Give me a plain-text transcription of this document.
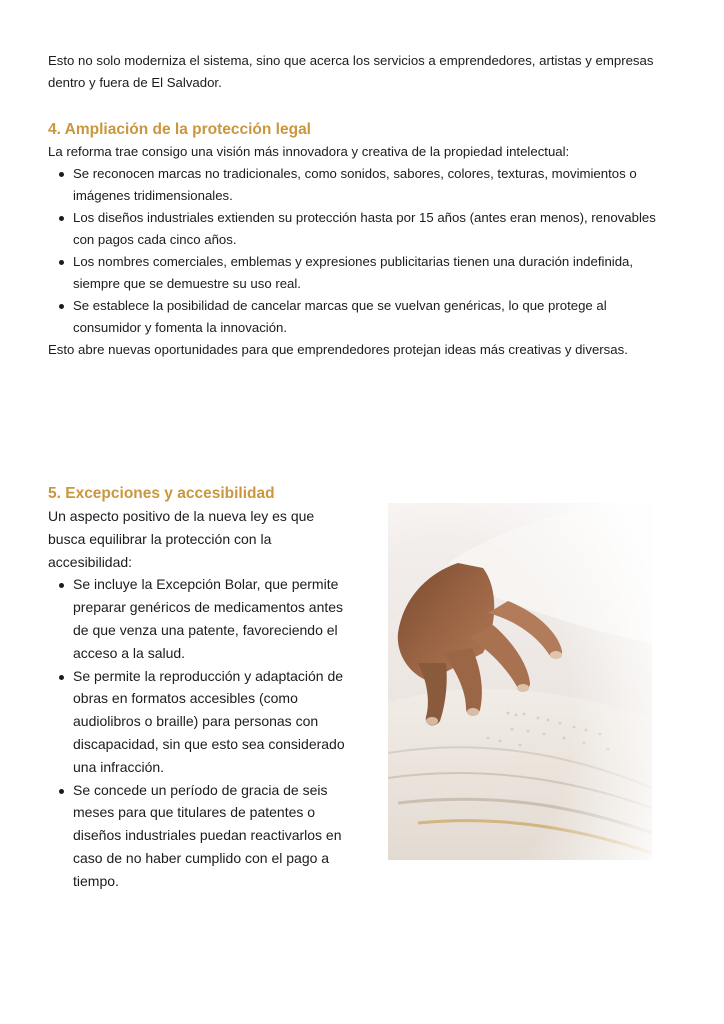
Esto no solo moderniza el sistema, sino que acerca los servicios a emprendedores, artistas y empresas dentro y fuera de El Salvador.

4. Ampliación de la protección legal

La reforma trae consigo una visión más innovadora y creativa de la propiedad intelectual:

Se reconocen marcas no tradicionales, como sonidos, sabores, colores, texturas, movimientos o imágenes tridimensionales.
Los diseños industriales extienden su protección hasta por 15 años (antes eran menos), renovables con pagos cada cinco años.
Los nombres comerciales, emblemas y expresiones publicitarias tienen una duración indefinida, siempre que se demuestre su uso real.
Se establece la posibilidad de cancelar marcas que se vuelvan genéricas, lo que protege al consumidor y fomenta la innovación.

Esto abre nuevas oportunidades para que emprendedores protejan ideas más creativas y diversas.

5. Excepciones y accesibilidad

Un aspecto positivo de la nueva ley es que busca equilibrar la protección con la accesibilidad:

Se incluye la Excepción Bolar, que permite preparar genéricos de medicamentos antes de que venza una patente, favoreciendo el acceso a la salud.
Se permite la reproducción y adaptación de obras en formatos accesibles (como audiolibros o braille) para personas con discapacidad, sin que esto sea considerado una infracción.
Se concede un período de gracia de seis meses para que titulares de patentes o diseños industriales puedan reactivarlos en caso de no haber cumplido con el pago a tiempo.
